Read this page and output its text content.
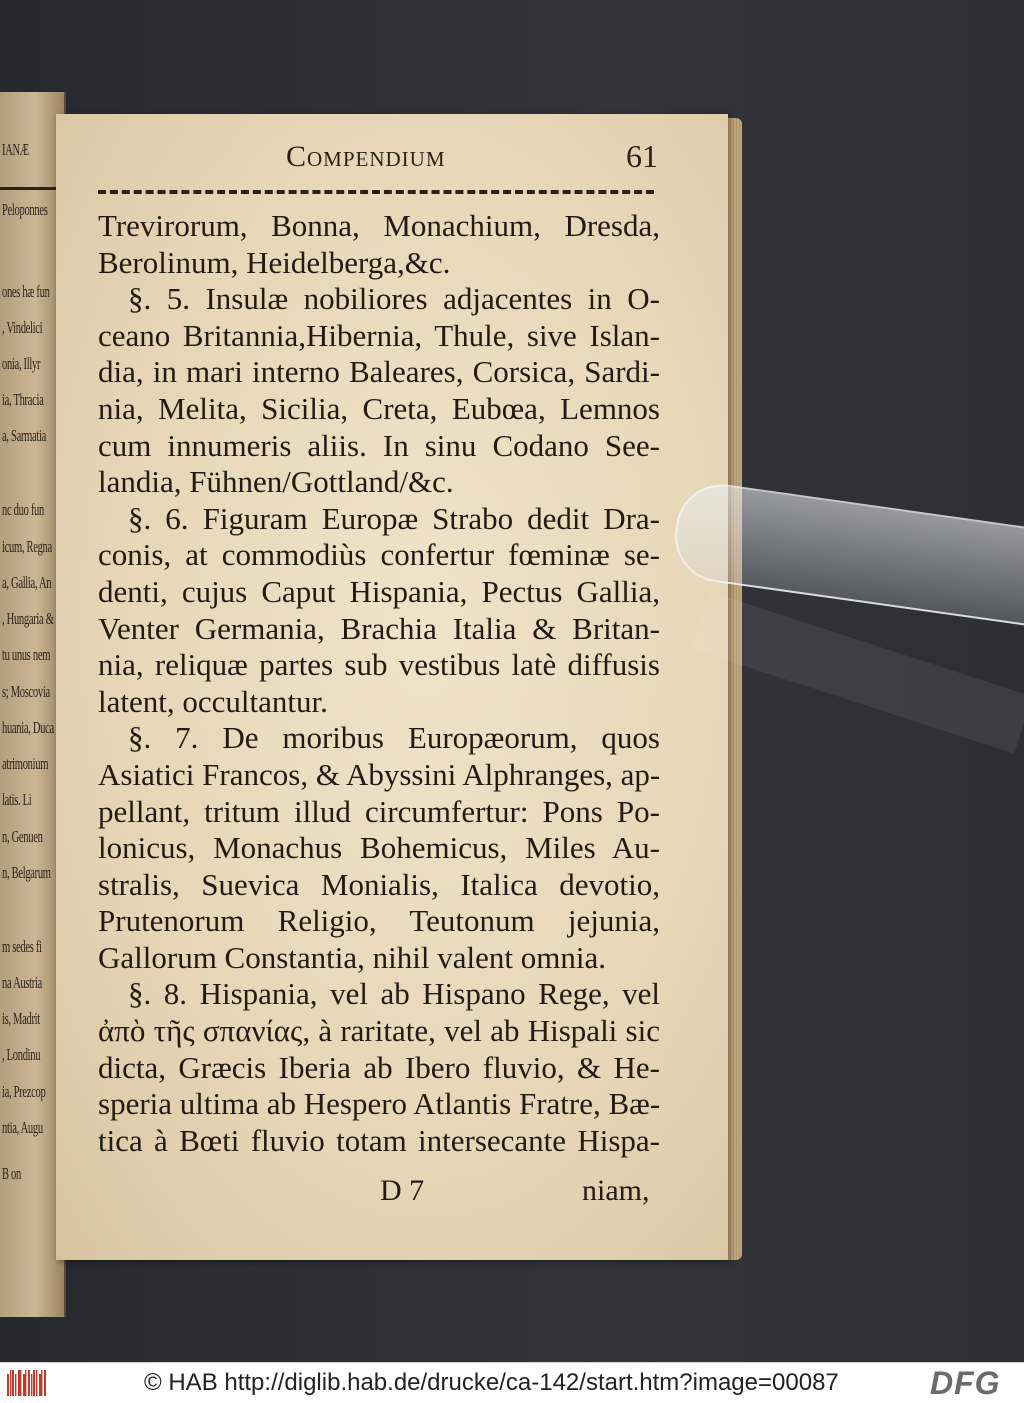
IANÆ
Peloponnes
ones hæ fun
, Vindelici
onia, Illyr
ia, Thracia
a, Sarmatia
nc duo fun
icum, Regna
a, Gallia, An
, Hungaria &
tu unus nem
s; Moscovia
huania, Duca
atrimonium
latis. Li
n, Genuen
n, Belgarum
m sedes fi
na Austria
is, Madrit
, Londinu
ia, Prezcop
ntia, Augu
B on
Compendium	61
Trevirorum, Bonna, Monachium, Dresda,
Berolinum, Heidelberga,&c.
§. 5. Insulæ nobiliores adjacentes in O-
ceano Britannia,Hibernia, Thule, sive Islan-
dia, in mari interno Baleares, Corsica, Sardi-
nia, Melita, Sicilia, Creta, Eubœa, Lemnos
cum innumeris aliis. In sinu Codano See-
landia, Fühnen/Gottland/&c.
§. 6. Figuram Europæ Strabo dedit Dra-
conis, at commodiùs confertur fœminæ se-
denti, cujus Caput Hispania, Pectus Gallia,
Venter Germania, Brachia Italia & Britan-
nia, reliquæ partes sub vestibus latè diffusis
latent, occultantur.
§. 7. De moribus Europæorum, quos
Asiatici Francos, & Abyssini Alphranges, ap-
pellant, tritum illud circumfertur: Pons Po-
lonicus, Monachus Bohemicus, Miles Au-
stralis, Suevica Monialis, Italica devotio,
Prutenorum Religio, Teutonum jejunia,
Gallorum Constantia, nihil valent omnia.
§. 8. Hispania, vel ab Hispano Rege, vel
ἀπὸ τῆς σπανίας, à raritate, vel ab Hispali sic
dicta, Græcis Iberia ab Ibero fluvio, & He-
speria ultima ab Hespero Atlantis Fratre, Bæ-
tica à Bœti fluvio totam intersecante Hispa-
D 7	niam,
© HAB http://diglib.hab.de/drucke/ca-142/start.htm?image=00087	DFG
